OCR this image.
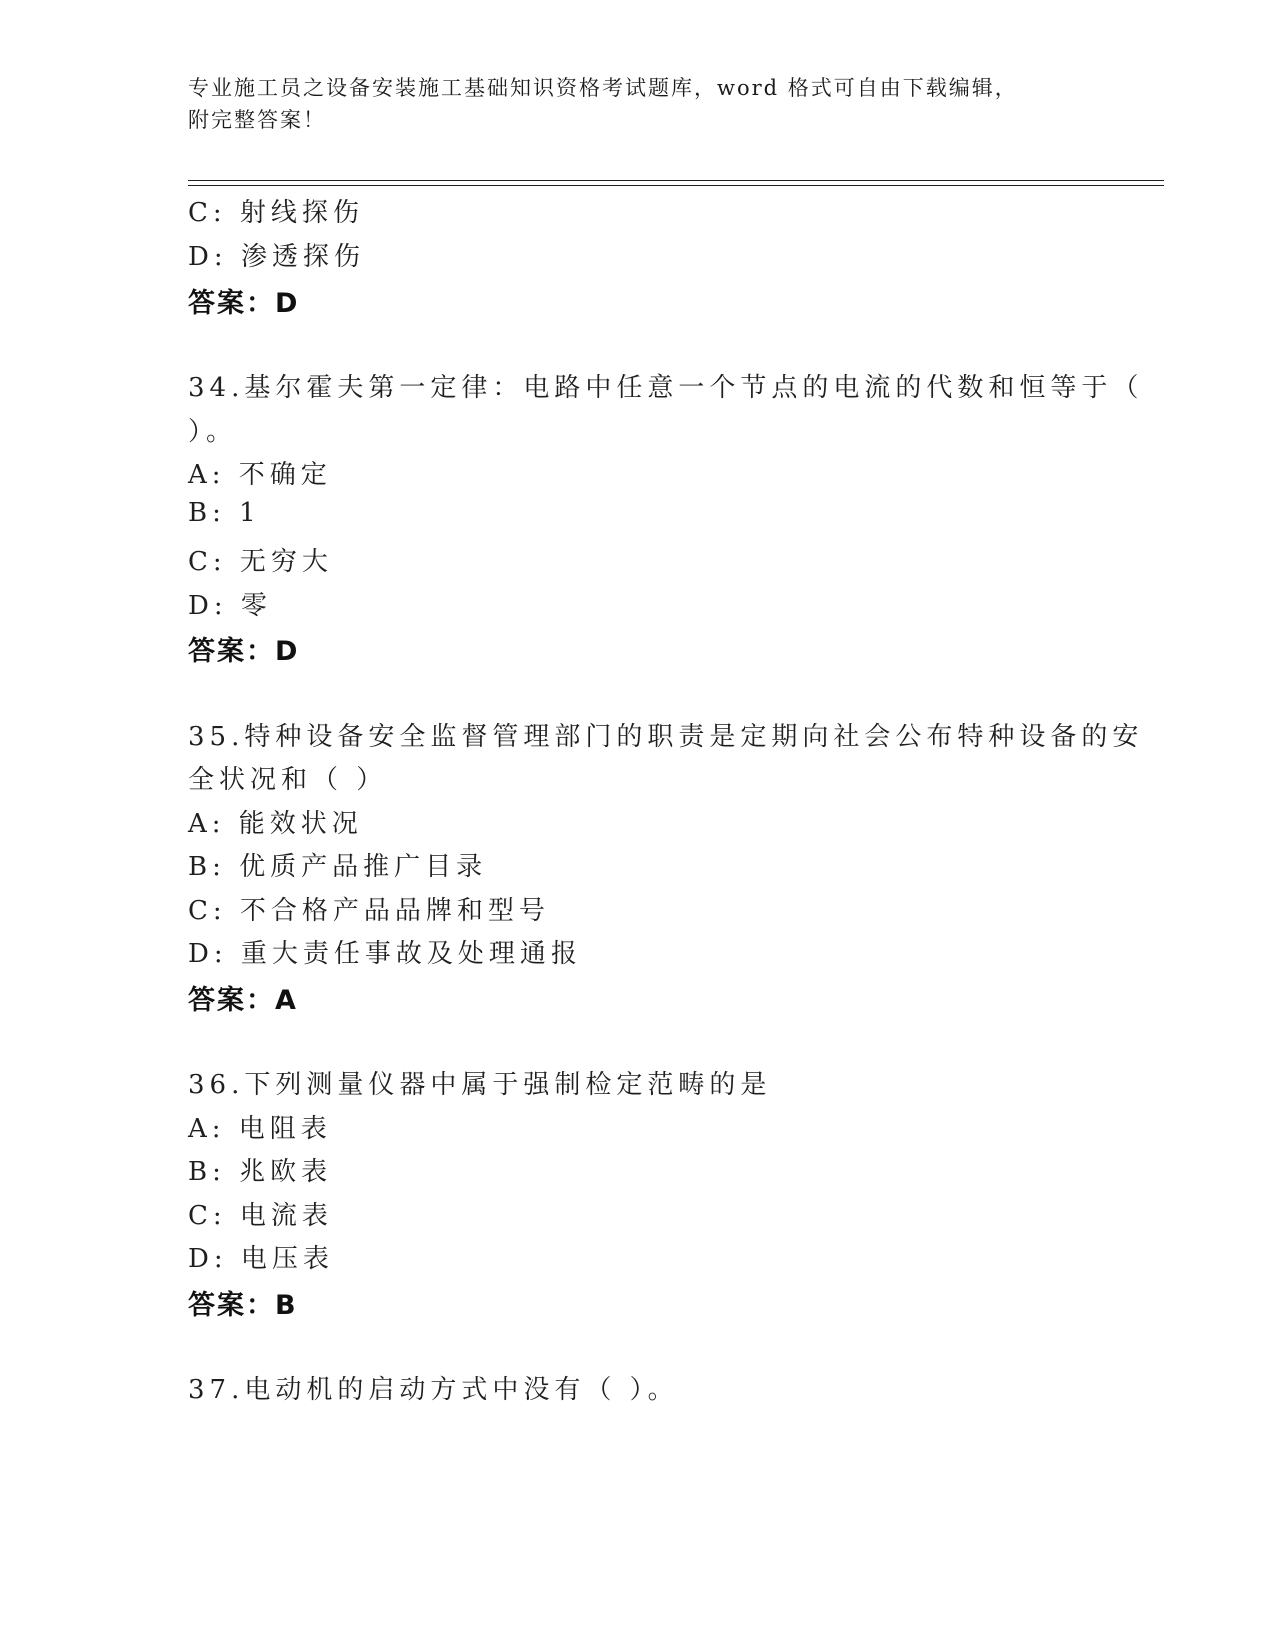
专业施工员之设备安装施工基础知识资格考试题库，word 格式可自由下载编辑，
附完整答案！
C: 射线探伤
D: 渗透探伤
答案：D
34.基尔霍夫第一定律：电路中任意一个节点的电流的代数和恒等于（
）。
A: 不确定
B: 1
C: 无穷大
D: 零
答案：D
35.特种设备安全监督管理部门的职责是定期向社会公布特种设备的安
全状况和（ ）
A: 能效状况
B: 优质产品推广目录
C: 不合格产品品牌和型号
D: 重大责任事故及处理通报
答案：A
36.下列测量仪器中属于强制检定范畴的是
A: 电阻表
B: 兆欧表
C: 电流表
D: 电压表
答案：B
37.电动机的启动方式中没有（ ）。
